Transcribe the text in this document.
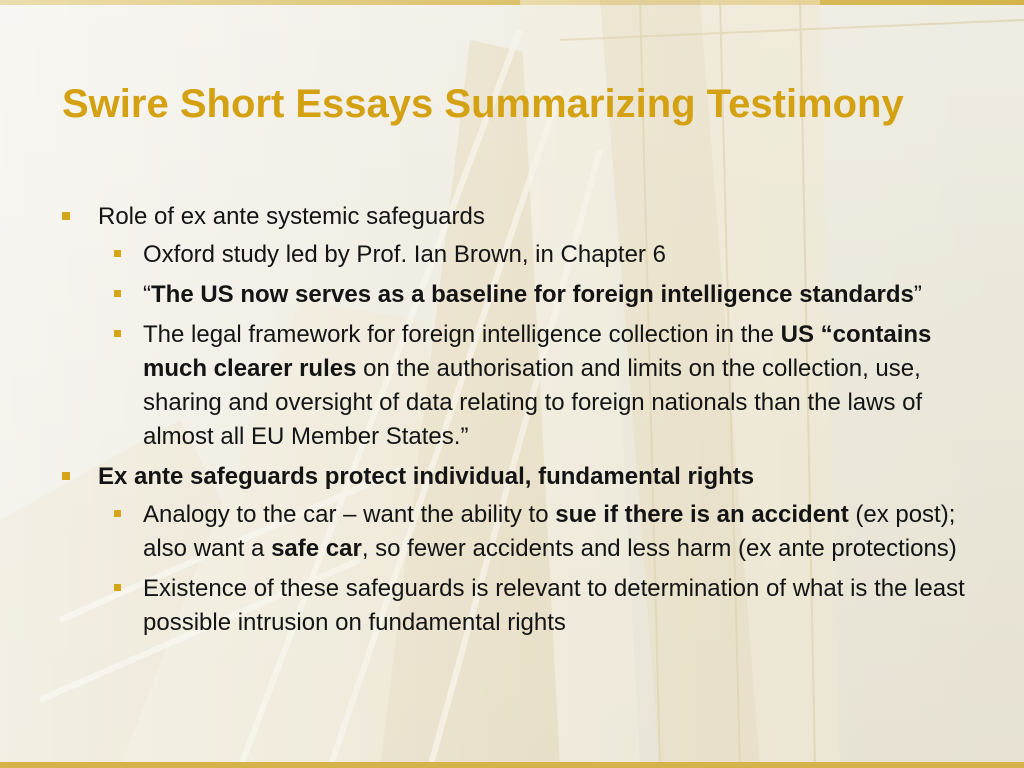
Swire Short Essays Summarizing Testimony
Role of ex ante systemic safeguards
Oxford study led by Prof. Ian Brown, in Chapter 6
“The US now serves as a baseline for foreign intelligence standards”
The legal framework for foreign intelligence collection in the US “contains much clearer rules on the authorisation and limits on the collection, use, sharing and oversight of data relating to foreign nationals than the laws of almost all EU Member States.”
Ex ante safeguards protect individual, fundamental rights
Analogy to the car – want the ability to sue if there is an accident (ex post); also want a safe car, so fewer accidents and less harm (ex ante protections)
Existence of these safeguards is relevant to determination of what is the least possible intrusion on fundamental rights
